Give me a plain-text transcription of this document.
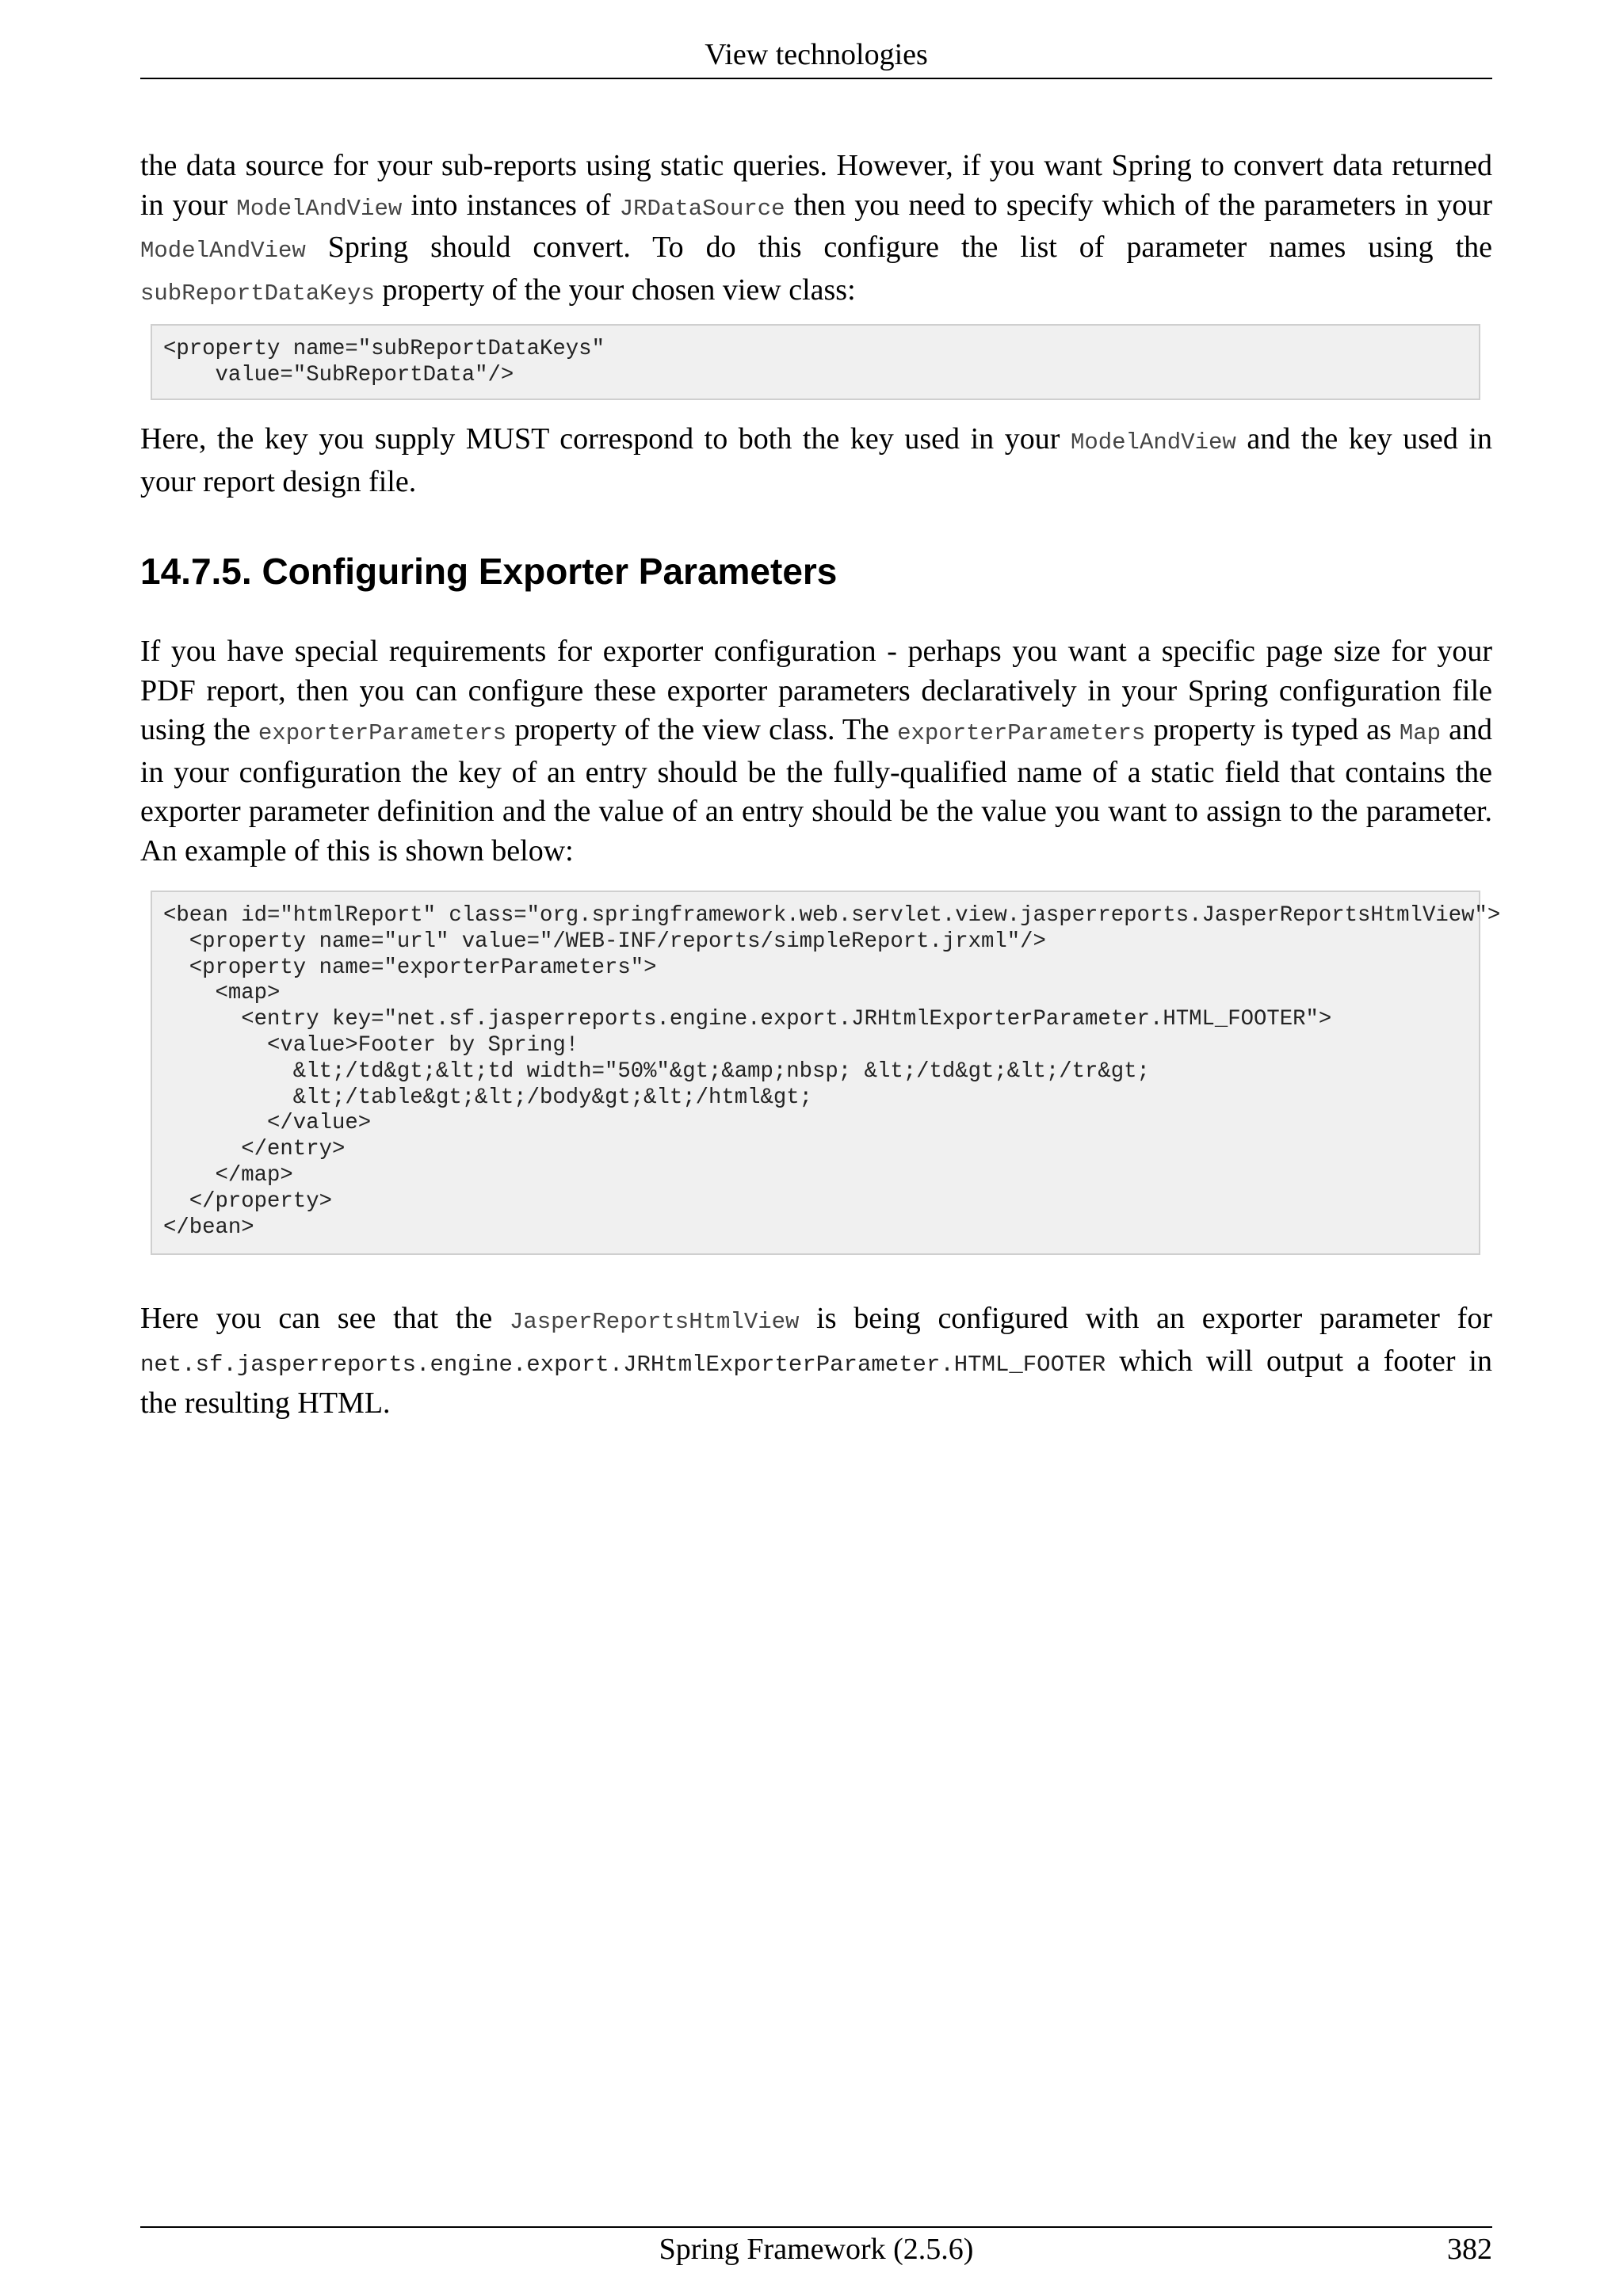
View technologies

the data source for your sub-reports using static queries. However, if you want Spring to convert data returned in your ModelAndView into instances of JRDataSource then you need to specify which of the parameters in your ModelAndView Spring should convert. To do this configure the list of parameter names using the subReportDataKeys property of the your chosen view class:

<property name="subReportDataKeys"
value="SubReportData"/>

Here, the key you supply MUST correspond to both the key used in your ModelAndView and the key used in your report design file.

14.7.5. Configuring Exporter Parameters

If you have special requirements for exporter configuration - perhaps you want a specific page size for your PDF report, then you can configure these exporter parameters declaratively in your Spring configuration file using the exporterParameters property of the view class. The exporterParameters property is typed as Map and in your configuration the key of an entry should be the fully-qualified name of a static field that contains the exporter parameter definition and the value of an entry should be the value you want to assign to the parameter. An example of this is shown below:

<bean id="htmlReport" class="org.springframework.web.servlet.view.jasperreports.JasperReportsHtmlView">
<property name="url" value="/WEB-INF/reports/simpleReport.jrxml"/>
<property name="exporterParameters">
<map>
<entry key="net.sf.jasperreports.engine.export.JRHtmlExporterParameter.HTML_FOOTER">
<value>Footer by Spring!
&lt;/td&gt;&lt;td width="50%"&gt;&amp;nbsp; &lt;/td&gt;&lt;/tr&gt;
&lt;/table&gt;&lt;/body&gt;&lt;/html&gt;
</value>
</entry>
</map>
</property>
</bean>

Here you can see that the JasperReportsHtmlView is being configured with an exporter parameter for net.sf.jasperreports.engine.export.JRHtmlExporterParameter.HTML_FOOTER which will output a footer in the resulting HTML.

Spring Framework (2.5.6)	382
